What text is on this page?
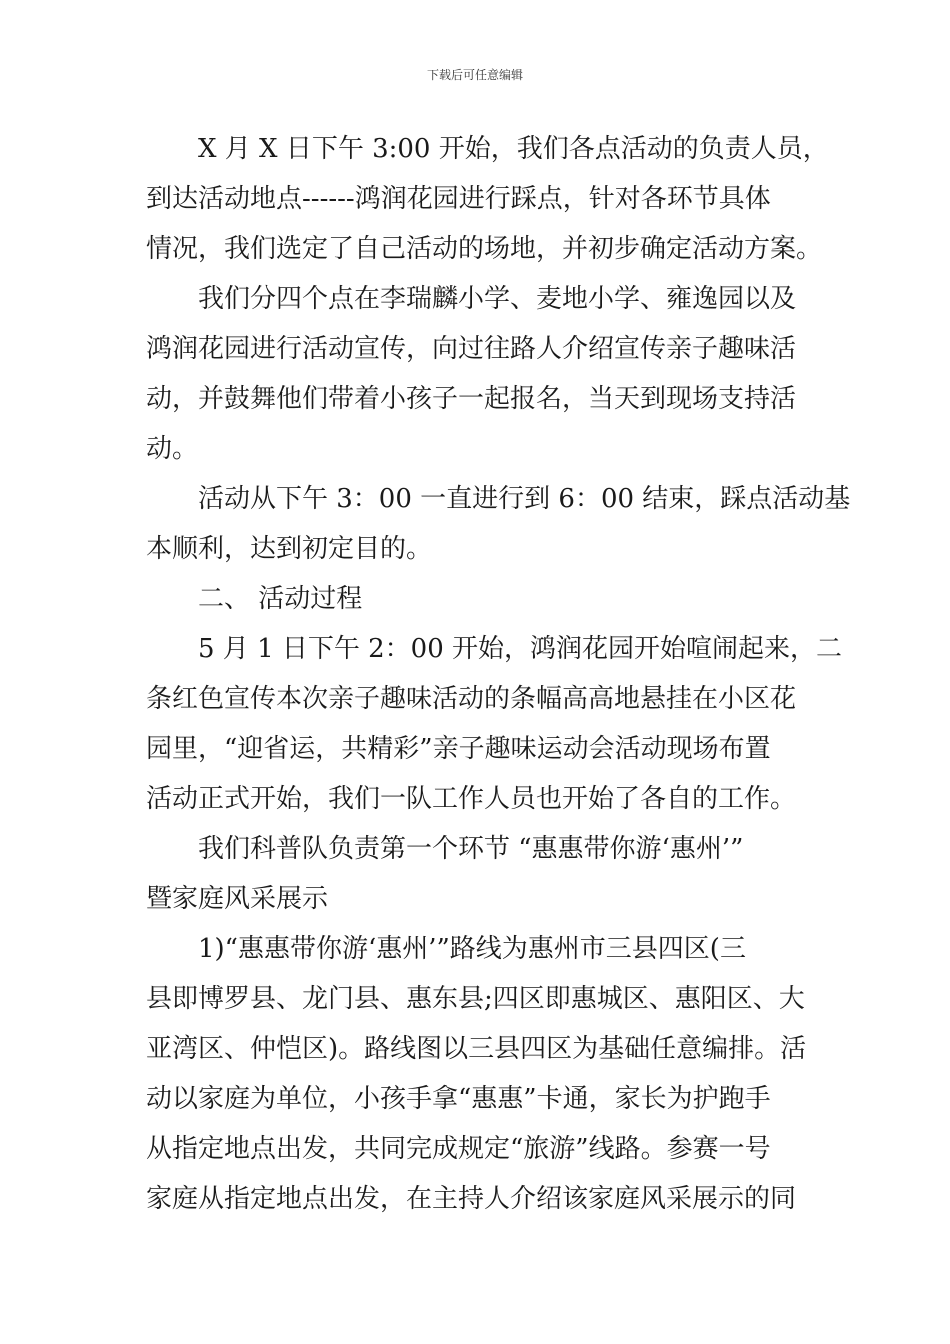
下载后可任意编辑
X 月 X 日下午 3:00 开始，我们各点活动的负责人员，
到达活动地点------鸿润花园进行踩点，针对各环节具体
情况，我们选定了自己活动的场地，并初步确定活动方案。
我们分四个点在李瑞麟小学、麦地小学、雍逸园以及
鸿润花园进行活动宣传，向过往路人介绍宣传亲子趣味活
动，并鼓舞他们带着小孩子一起报名，当天到现场支持活
动。
活动从下午 3：00 一直进行到 6：00 结束，踩点活动基
本顺利，达到初定目的。
二、 活动过程
5 月 1 日下午 2：00 开始，鸿润花园开始喧闹起来，二
条红色宣传本次亲子趣味活动的条幅高高地悬挂在小区花
园里，“迎省运，共精彩”亲子趣味运动会活动现场布置
活动正式开始，我们一队工作人员也开始了各自的工作。
我们科普队负责第一个环节 “惠惠带你游‘惠州’”
暨家庭风采展示
1)“惠惠带你游‘惠州’”路线为惠州市三县四区(三
县即博罗县、龙门县、惠东县;四区即惠城区、惠阳区、大
亚湾区、仲恺区)。路线图以三县四区为基础任意编排。活
动以家庭为单位，小孩手拿“惠惠”卡通，家长为护跑手
从指定地点出发，共同完成规定“旅游”线路。参赛一号
家庭从指定地点出发，在主持人介绍该家庭风采展示的同
